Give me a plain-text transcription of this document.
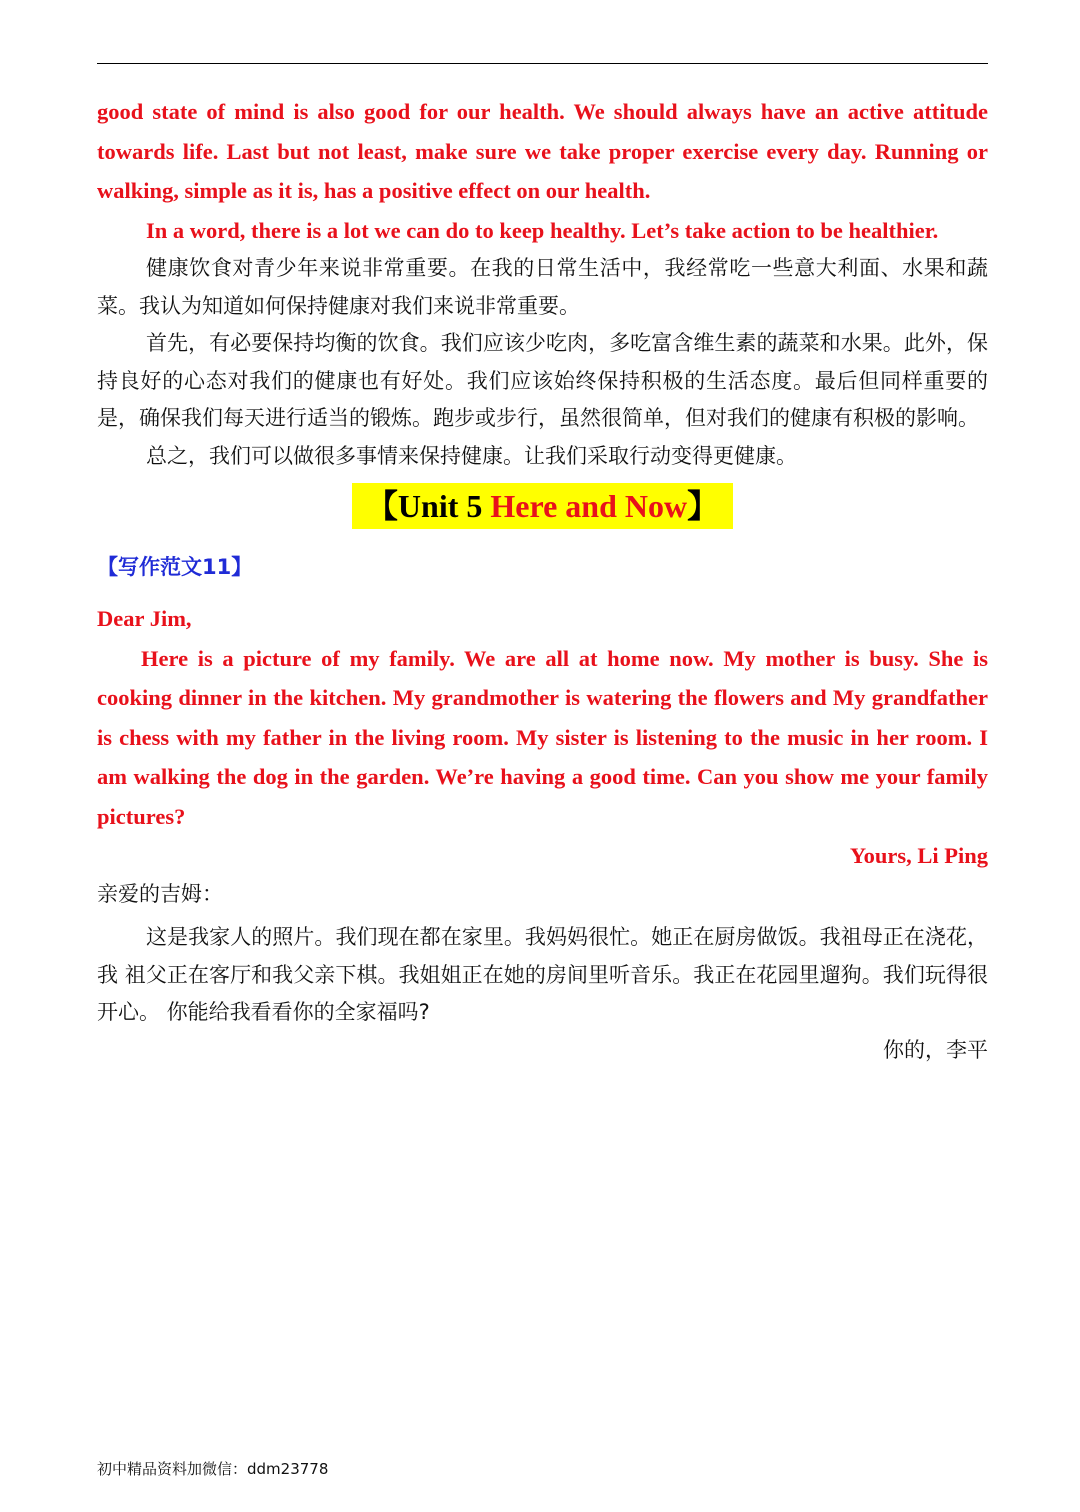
good state of mind is also good for our health. We should always have an active attitude towards life. Last but not least, make sure we take proper exercise every day. Running or walking, simple as it is, has a positive effect on our health.

In a word, there is a lot we can do to keep healthy. Let’s take action to be healthier.

健康饮食对青少年来说非常重要。在我的日常生活中，我经常吃一些意大利面、水果和蔬菜。我认为知道如何保持健康对我们来说非常重要。

首先，有必要保持均衡的饮食。我们应该少吃肉，多吃富含维生素的蔬菜和水果。此外，保持良好的心态对我们的健康也有好处。我们应该始终保持积极的生活态度。最后但同样重要的是，确保我们每天进行适当的锻炼。跑步或步行，虽然很简单，但对我们的健康有积极的影响。

总之，我们可以做很多事情来保持健康。让我们采取行动变得更健康。

【Unit 5 Here and Now】
【写作范文11】

Dear Jim,

Here is a picture of my family. We are all at home now. My mother is busy. She is cooking dinner in the kitchen. My grandmother is watering the flowers and My grandfather is chess with my father in the living room. My sister is listening to the music in her room. I am walking the dog in the garden. We’re having a good time. Can you show me your family pictures?

Yours, Li Ping

亲爱的吉姆：

这是我家人的照片。我们现在都在家里。我妈妈很忙。她正在厨房做饭。我祖母正在浇花，我 祖父正在客厅和我父亲下棋。我姐姐正在她的房间里听音乐。我正在花园里遛狗。我们玩得很开心。 你能给我看看你的全家福吗?

你的，李平

初中精品资料加微信：ddm23778
